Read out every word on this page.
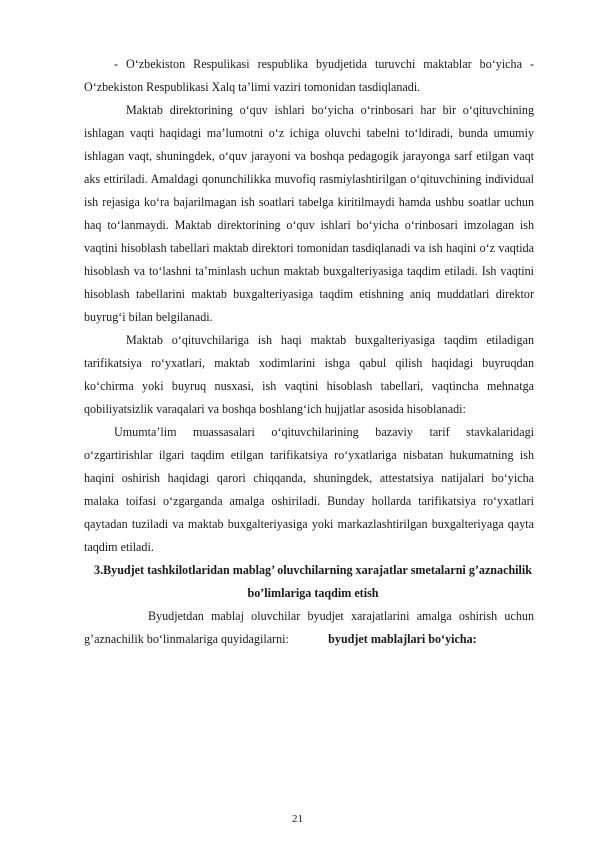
- O‘zbekiston Respulikasi respublika byudjetida turuvchi maktablar bo‘yicha - O‘zbekiston Respublikasi Xalq ta’limi vaziri tomonidan tasdiqlanadi.

Maktab direktorining o‘quv ishlari bo‘yicha o‘rinbosari har bir o‘qituvchining ishlagan vaqti haqidagi ma’lumotni o‘z ichiga oluvchi tabelni to‘ldiradi, bunda umumiy ishlagan vaqt, shuningdek, o‘quv jarayoni va boshqa pedagogik jarayonga sarf etilgan vaqt aks ettiriladi. Amaldagi qonunchilikka muvofiq rasmiylashtirilgan o‘qituvchining individual ish rejasiga ko‘ra bajarilmagan ish soatlari tabelga kiritilmaydi hamda ushbu soatlar uchun haq to‘lanmaydi. Maktab direktorining o‘quv ishlari bo‘yicha o‘rinbosari imzolagan ish vaqtini hisoblash tabellari maktab direktori tomonidan tasdiqlanadi va ish haqini o‘z vaqtida hisoblash va to‘lashni ta’minlash uchun maktab buxgalteriyasiga taqdim etiladi. Ish vaqtini hisoblash tabellarini maktab buxgalteriyasiga taqdim etishning aniq muddatlari direktor buyrug‘i bilan belgilanadi.

Maktab o‘qituvchilariga ish haqi maktab buxgalteriyasiga taqdim etiladigan tarifikatsiya ro‘yxatlari, maktab xodimlarini ishga qabul qilish haqidagi buyruqdan ko‘chirma yoki buyruq nusxasi, ish vaqtini hisoblash tabellari, vaqtincha mehnatga qobiliyatsizlik varaqalari va boshqa boshlang‘ich hujjatlar asosida hisoblanadi:

Umumta’lim muassasalari o‘qituvchilarining bazaviy tarif stavkalaridagi o‘zgartirishlar ilgari taqdim etilgan tarifikatsiya ro‘yxatlariga nisbatan hukumatning ish haqini oshirish haqidagi qarori chiqqanda, shuningdek, attestatsiya natijalari bo‘yicha malaka toifasi o‘zgarganda amalga oshiriladi. Bunday hollarda tarifikatsiya ro‘yxatlari qaytadan tuziladi va maktab buxgalteriyasiga yoki markazlashtirilgan buxgalteriyaga qayta taqdim etiladi.

3.Byudjet tashkilotlaridan mablag’ oluvchilarning xarajatlar smetalarni g’aznachilik bo’limlariga taqdim etish

Byudjetdan mablaj oluvchilar byudjet xarajatlarini amalga oshirish uchun g’aznachilik bo‘linmalariga quyidagilarni:	byudjet mablajlari bo‘yicha:

21
